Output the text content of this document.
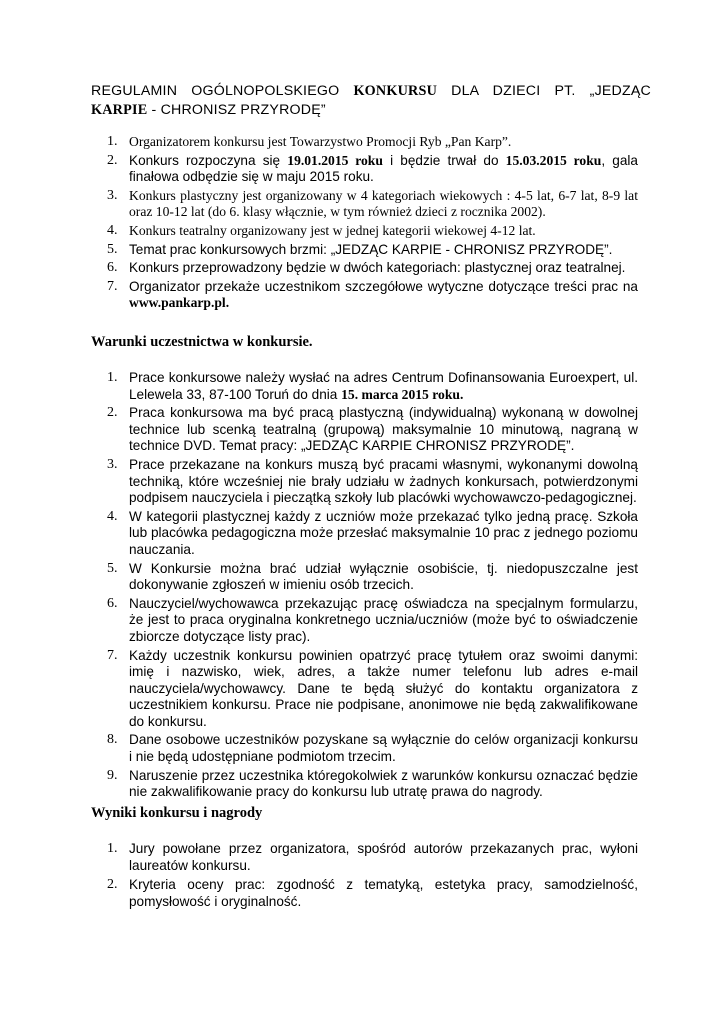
REGULAMIN OGÓLNOPOLSKIEGO KONKURSU DLA DZIECI PT. „JEDZĄC KARPIE - CHRONISZ PRZYRODĘ”
1. Organizatorem konkursu jest Towarzystwo Promocji Ryb „Pan Karp”.
2. Konkurs rozpoczyna się 19.01.2015 roku i będzie trwał do 15.03.2015 roku, gala finałowa odbędzie się w maju 2015 roku.
3. Konkurs plastyczny jest organizowany w 4 kategoriach wiekowych : 4-5 lat, 6-7 lat, 8-9 lat oraz 10-12 lat (do 6. klasy włącznie, w tym również dzieci z rocznika 2002).
4. Konkurs teatralny organizowany jest w jednej kategorii wiekowej 4-12 lat.
5. Temat prac konkursowych brzmi: „JEDZĄC KARPIE - CHRONISZ PRZYRODĘ”.
6. Konkurs przeprowadzony będzie w dwóch kategoriach: plastycznej oraz teatralnej.
7. Organizator przekaże uczestnikom szczegółowe wytyczne dotyczące treści prac na www.pankarp.pl.
Warunki uczestnictwa w konkursie.
1. Prace konkursowe należy wysłać na adres Centrum Dofinansowania Euroexpert, ul. Lelewela 33, 87-100 Toruń do dnia 15. marca 2015 roku.
2. Praca konkursowa ma być pracą plastyczną (indywidualną) wykonaną w dowolnej technice lub scenką teatralną (grupową) maksymalnie 10 minutową, nagraną w technice DVD. Temat pracy: „JEDZĄC KARPIE CHRONISZ PRZYRODĘ”.
3. Prace przekazane na konkurs muszą być pracami własnymi, wykonanymi dowolną techniką, które wcześniej nie brały udziału w żadnych konkursach, potwierdzonymi podpisem nauczyciela i pieczątką szkoły lub placówki wychowawczo-pedagogicznej.
4. W kategorii plastycznej każdy z uczniów może przekazać tylko jedną pracę. Szkoła lub placówka pedagogiczna może przesłać maksymalnie 10 prac z jednego poziomu nauczania.
5. W Konkursie można brać udział wyłącznie osobiście, tj. niedopuszczalne jest dokonywanie zgłoszeń w imieniu osób trzecich.
6. Nauczyciel/wychowawca przekazując pracę oświadcza na specjalnym formularzu, że jest to praca oryginalna konkretnego ucznia/uczniów (może być to oświadczenie zbiorcze dotyczące listy prac).
7. Każdy uczestnik konkursu powinien opatrzyć pracę tytułem oraz swoimi danymi: imię i nazwisko, wiek, adres, a także numer telefonu lub adres e-mail nauczyciela/wychowawcy. Dane te będą służyć do kontaktu organizatora z uczestnikiem konkursu. Prace nie podpisane, anonimowe nie będą zakwalifikowane do konkursu.
8. Dane osobowe uczestników pozyskane są wyłącznie do celów organizacji konkursu i nie będą udostępniane podmiotom trzecim.
9. Naruszenie przez uczestnika któregokolwiek z warunków konkursu oznaczać będzie nie zakwalifikowanie pracy do konkursu lub utratę prawa do nagrody.
Wyniki konkursu i nagrody
1. Jury powołane przez organizatora, spośród autorów przekazanych prac, wyłoni laureatów konkursu.
2. Kryteria oceny prac: zgodność z tematyką, estetyka pracy, samodzielność, pomysłowość i oryginalność.
